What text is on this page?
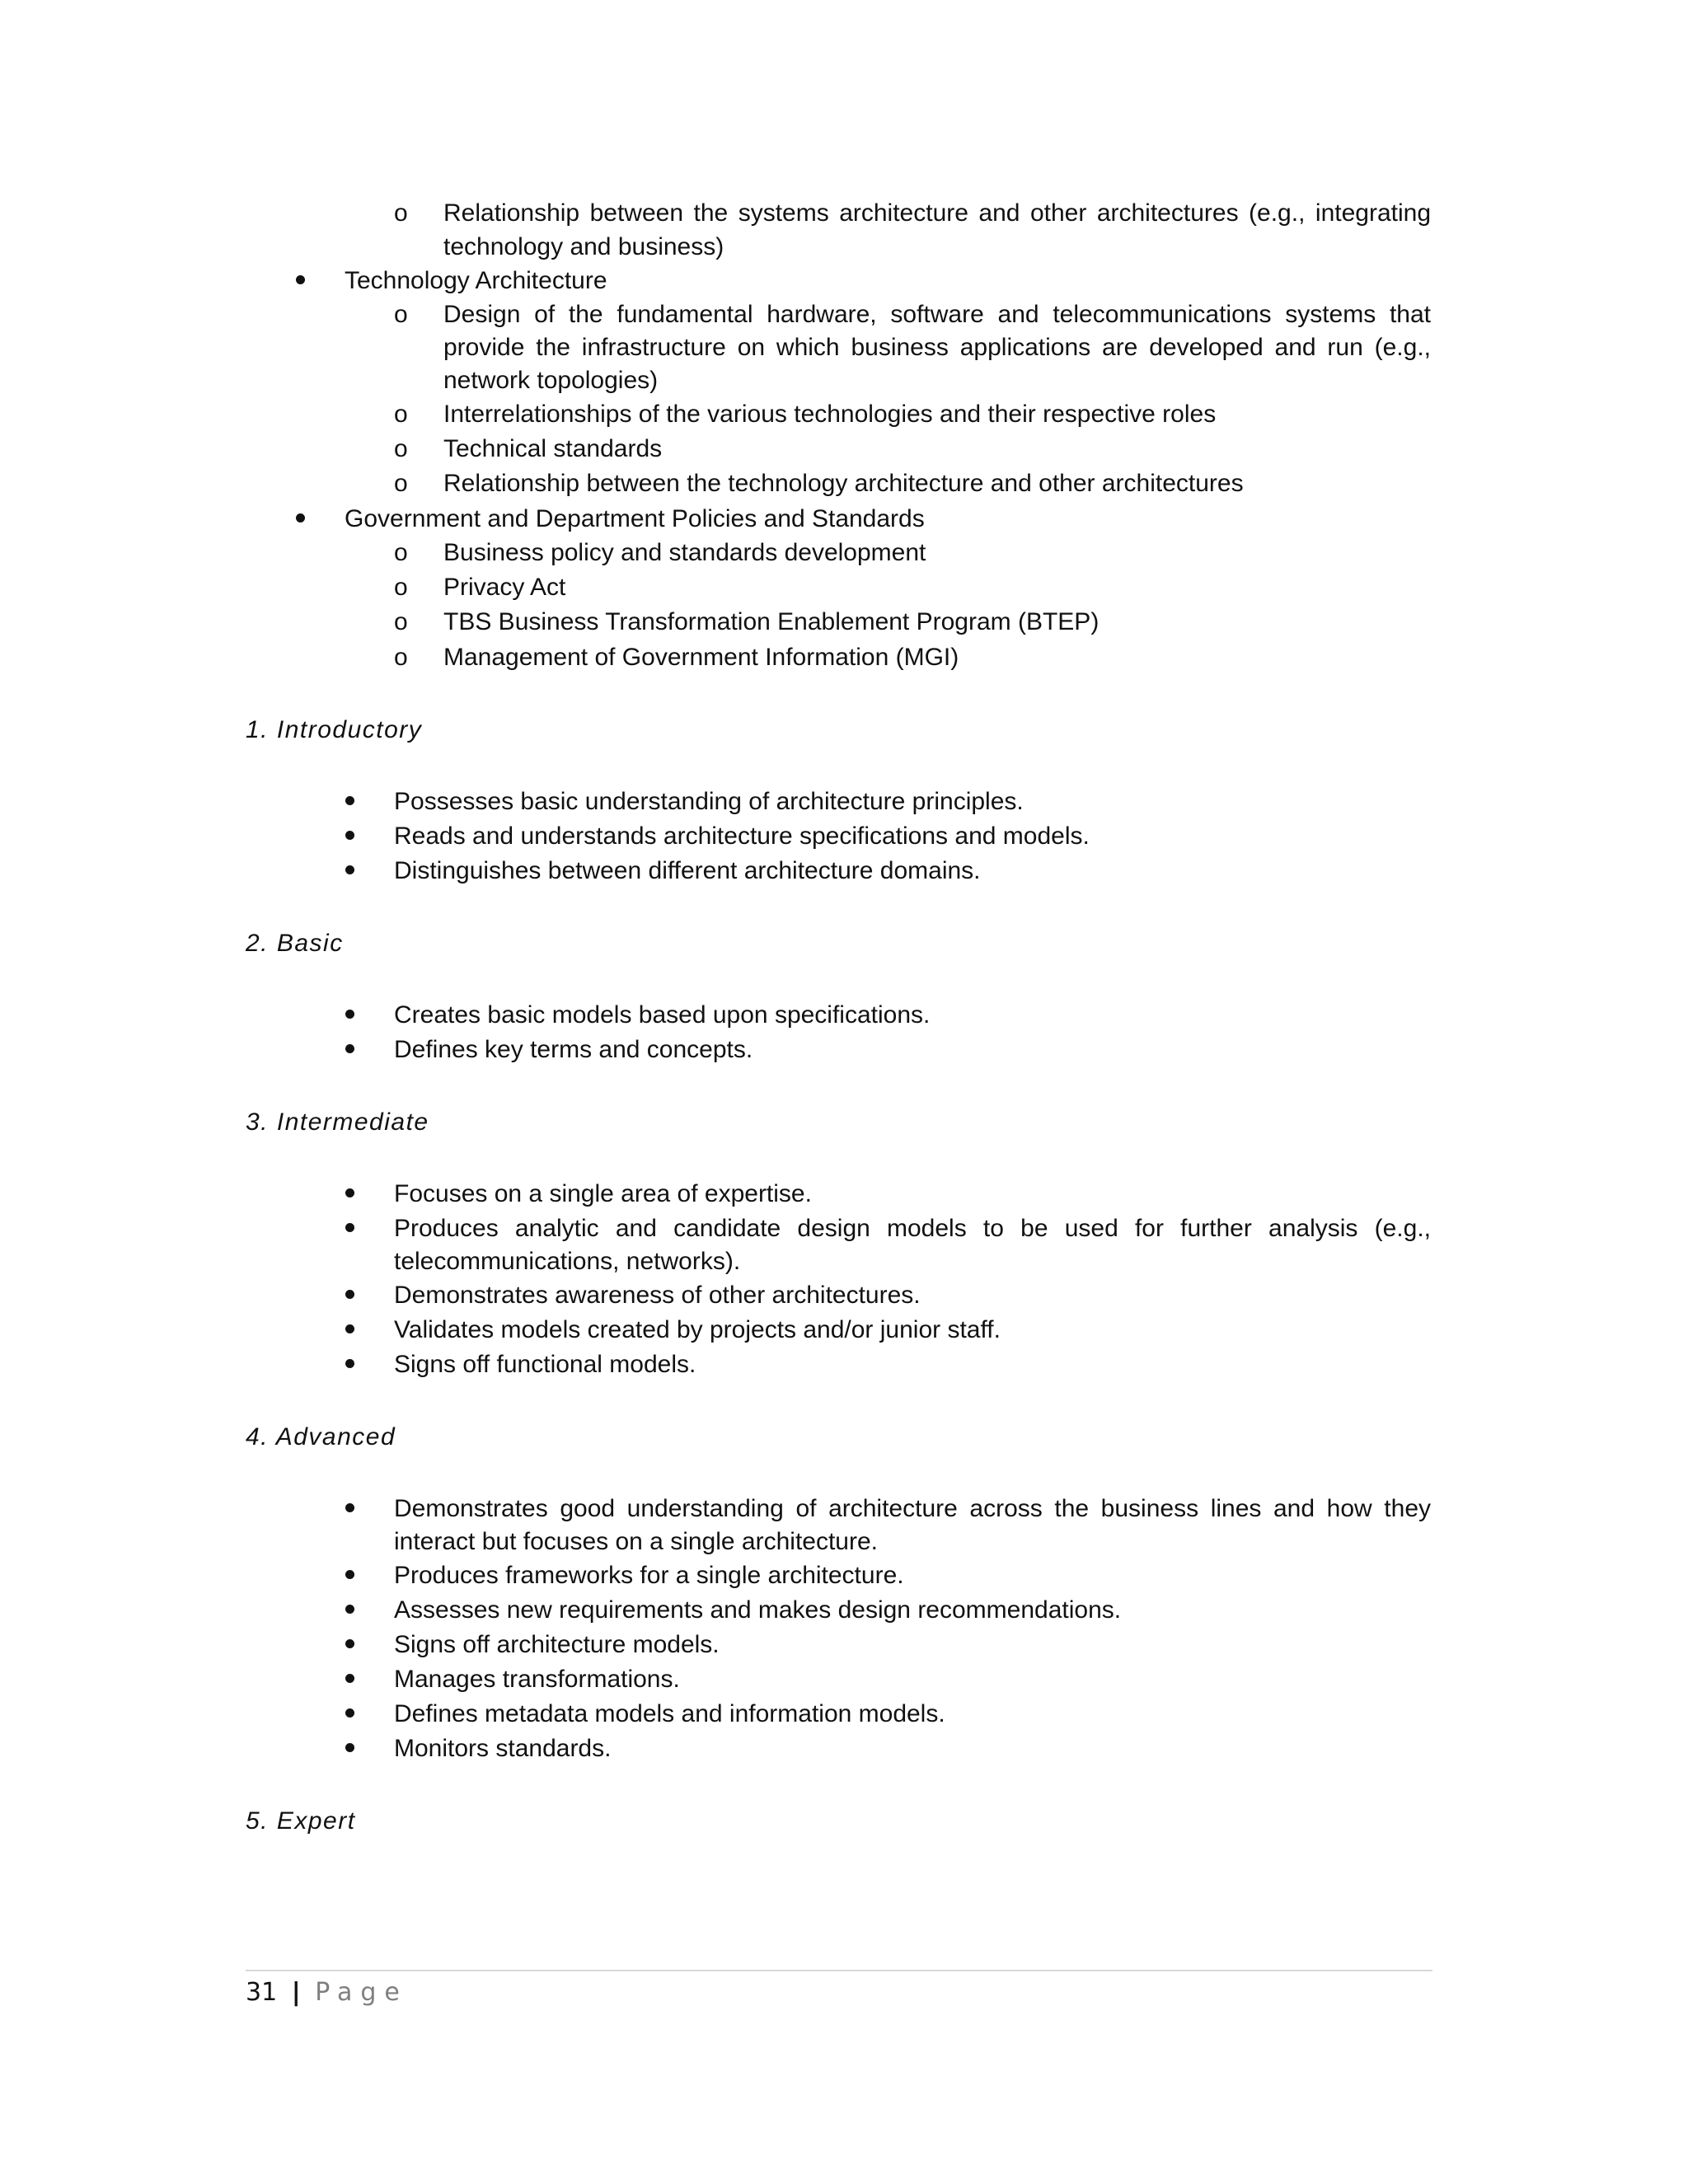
o Relationship between the systems architecture and other architectures (e.g., integrating
technology and business)
Technology Architecture
o Design of the fundamental hardware, software and telecommunications systems that
provide the infrastructure on which business applications are developed and run (e.g.,
network topologies)
o Interrelationships of the various technologies and their respective roles
o Technical standards
o Relationship between the technology architecture and other architectures
Government and Department Policies and Standards
o Business policy and standards development
o Privacy Act
o TBS Business Transformation Enablement Program (BTEP)
o Management of Government Information (MGI)
1. Introductory
Possesses basic understanding of architecture principles.
Reads and understands architecture specifications and models.
Distinguishes between different architecture domains.
2. Basic
Creates basic models based upon specifications.
Defines key terms and concepts.
3. Intermediate
Focuses on a single area of expertise.
Produces analytic and candidate design models to be used for further analysis (e.g.,
telecommunications, networks).
Demonstrates awareness of other architectures.
Validates models created by projects and/or junior staff.
Signs off functional models.
4. Advanced
Demonstrates good understanding of architecture across the business lines and how they
interact but focuses on a single architecture.
Produces frameworks for a single architecture.
Assesses new requirements and makes design recommendations.
Signs off architecture models.
Manages transformations.
Defines metadata models and information models.
Monitors standards.
5. Expert
31 | Page
